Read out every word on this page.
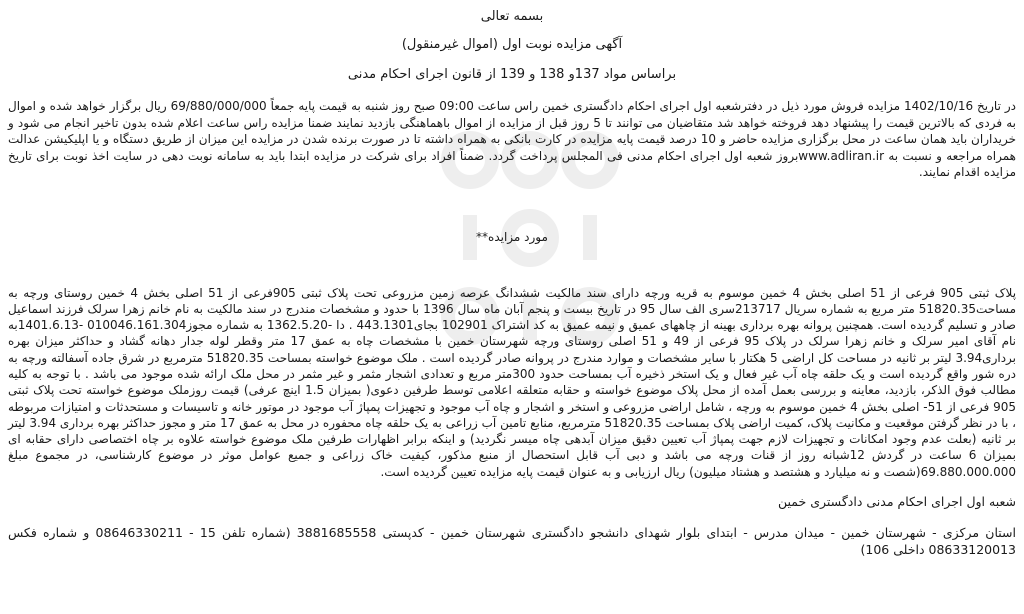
بسمه تعالی
آگهی مزایده نوبت اول (اموال غیرمنقول)
براساس مواد 137و 138 و 139 از قانون اجرای احکام مدنی
در تاریخ 1402/10/16 مزایده فروش مورد ذیل در دفترشعبه اول اجرای احکام دادگستری خمین راس ساعت 09:00 صبح روز شنبه به قیمت پایه جمعاً 69/880/000/000 ریال برگزار خواهد شده و اموال به فردی که بالاترین قیمت را پیشنهاد دهد فروخته خواهد شد متقاضیان می توانند تا 5 روز قبل از مزایده از اموال باهماهنگی بازدید نمایند ضمنا مزایده راس ساعت اعلام شده بدون تاخیر انجام می شود و خریداران باید همان ساعت در محل برگزاری مزایده حاضر و 10 درصد قیمت پایه مزایده در کارت بانکی به همراه داشته تا در صورت برنده شدن در مزایده این میزان از طریق دستگاه و یا اپلیکیشن عدالت همراه مراجعه و نسبت به www.adliran.irبروز شعبه اول اجرای احکام مدنی فی المجلس پرداخت گردد. ضمناً افراد برای شرکت در مزایده ابتدا باید به سامانه نوبت دهی در سایت اخذ نوبت برای تاریخ مزایده اقدام نمایند.
مورد مزایده**
پلاک ثبتی 905 فرعی از 51 اصلی بخش 4 خمین موسوم به قریه ورچه دارای سند مالکیت ششدانگ عرصه زمین مزروعی تحت پلاک ثبتی 905فرعی از 51 اصلی بخش 4 خمین روستای ورچه به مساحت51820.35 متر مربع به شماره سریال 213717سری الف سال 95 در تاریخ بیست و پنجم آبان ماه سال 1396 با حدود و مشخصات مندرج در سند مالکیت به نام خانم زهرا سرلک فرزند اسماعیل صادر و تسلیم گردیده است. همچنین پروانه بهره برداری بهینه از چاههای عمیق و نیمه عمیق به کد اشتراک 102901 بجای443.1301 . دا -1362.5.20 به شماره مجوز010046.161.304 -1401.6.13به نام آقای امیر سرلک و خانم زهرا سرلک در پلاک 95 فرعی از 49 و 51 اصلی روستای ورچه شهرستان خمین با مشخصات چاه به عمق 17 متر وقطر لوله جدار دهانه گشاد و حداکثر میزان بهره برداری3.94 لیتر بر ثانیه در مساحت کل اراضی 5 هکتار با سایر مشخصات و موارد مندرج در پروانه صادر گردیده است . ملک موضوع خواسته بمساحت 51820.35 مترمربع در شرق جاده آسفالته ورچه به دره شور واقع گردیده است و یک حلقه چاه آب غیر فعال و یک استخر ذخیره آب بمساحت حدود 300متر مربع و تعدادی اشجار مثمر و غیر مثمر در محل ملک ارائه شده موجود می باشد . با توجه به کلیه مطالب فوق الذکر، بازدید، معاینه و بررسی بعمل آمده از محل پلاک موضوع خواسته و حقابه متعلقه اعلامی توسط طرفین دعوی( بمیزان 1.5 اینچ عرفی) قیمت روزملک موضوع خواسته تحت پلاک ثبتی 905 فرعی از 51- اصلی بخش 4 خمین موسوم به ورچه ، شامل اراضی مزروعی و استخر و اشجار و چاه آب موجود و تجهیزات پمپاژ آب موجود در موتور خانه و تاسیسات و مستحدثات و امتیازات مربوطه ، با در نظر گرفتن موقعیت و مکانیت پلاک، کمیت اراضی پلاک بمساحت 51820.35 مترمربع، منابع تامین آب زراعی به یک حلقه چاه محفوره در محل به عمق 17 متر و مجوز حداکثر بهره برداری 3.94 لیتر بر ثانیه (بعلت عدم وجود امکانات و تجهیزات لازم جهت پمپاژ آب تعیین دقیق میزان آبدهی چاه میسر نگردید) و اینکه برابر اظهارات طرفین ملک موضوع خواسته علاوه بر چاه اختصاصی دارای حقابه ای بمیزان 6 ساعت در گردش 12شبانه روز از قنات ورچه می باشد و دبی آب قابل استحصال از منبع مذکور، کیفیت خاک زراعی و جمیع عوامل موثر در موضوع کارشناسی، در مجموع مبلغ 69.880.000.000(شصت و نه میلیارد و هشتصد و هشتاد میلیون) ریال ارزیابی و به عنوان قیمت پایه مزایده تعیین گردیده است.
شعبه اول اجرای احکام مدنی دادگستری خمین
استان مرکزی - شهرستان خمین - میدان مدرس - ابتدای بلوار شهدای دانشجو دادگستری شهرستان خمین - کدپستی 3881685558 (شماره تلفن 15 - 08646330211 و شماره فکس 08633120013 داخلی 106)
